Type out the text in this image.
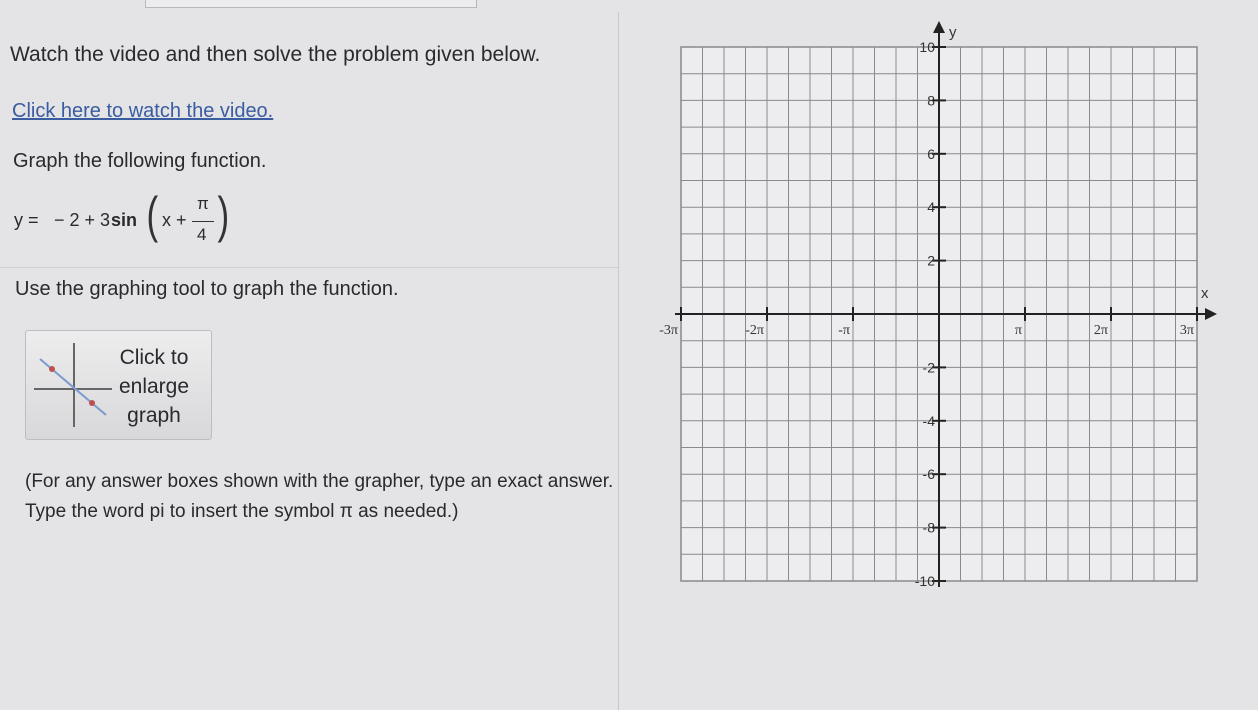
Watch the video and then solve the problem given below.
Click here to watch the video.
Graph the following function.
y = − 2 + 3 sin ( x +
π
4 )
Use the graphing tool to graph the function.
Click to
enlarge
graph
(For any answer boxes shown with the grapher, type an exact answer. Type the word pi to insert the symbol π as needed.)
y
x
10
8
6
4
2
-2
-4
-6
-8
-10
-3π	-2π	-π	π	2π	3π
